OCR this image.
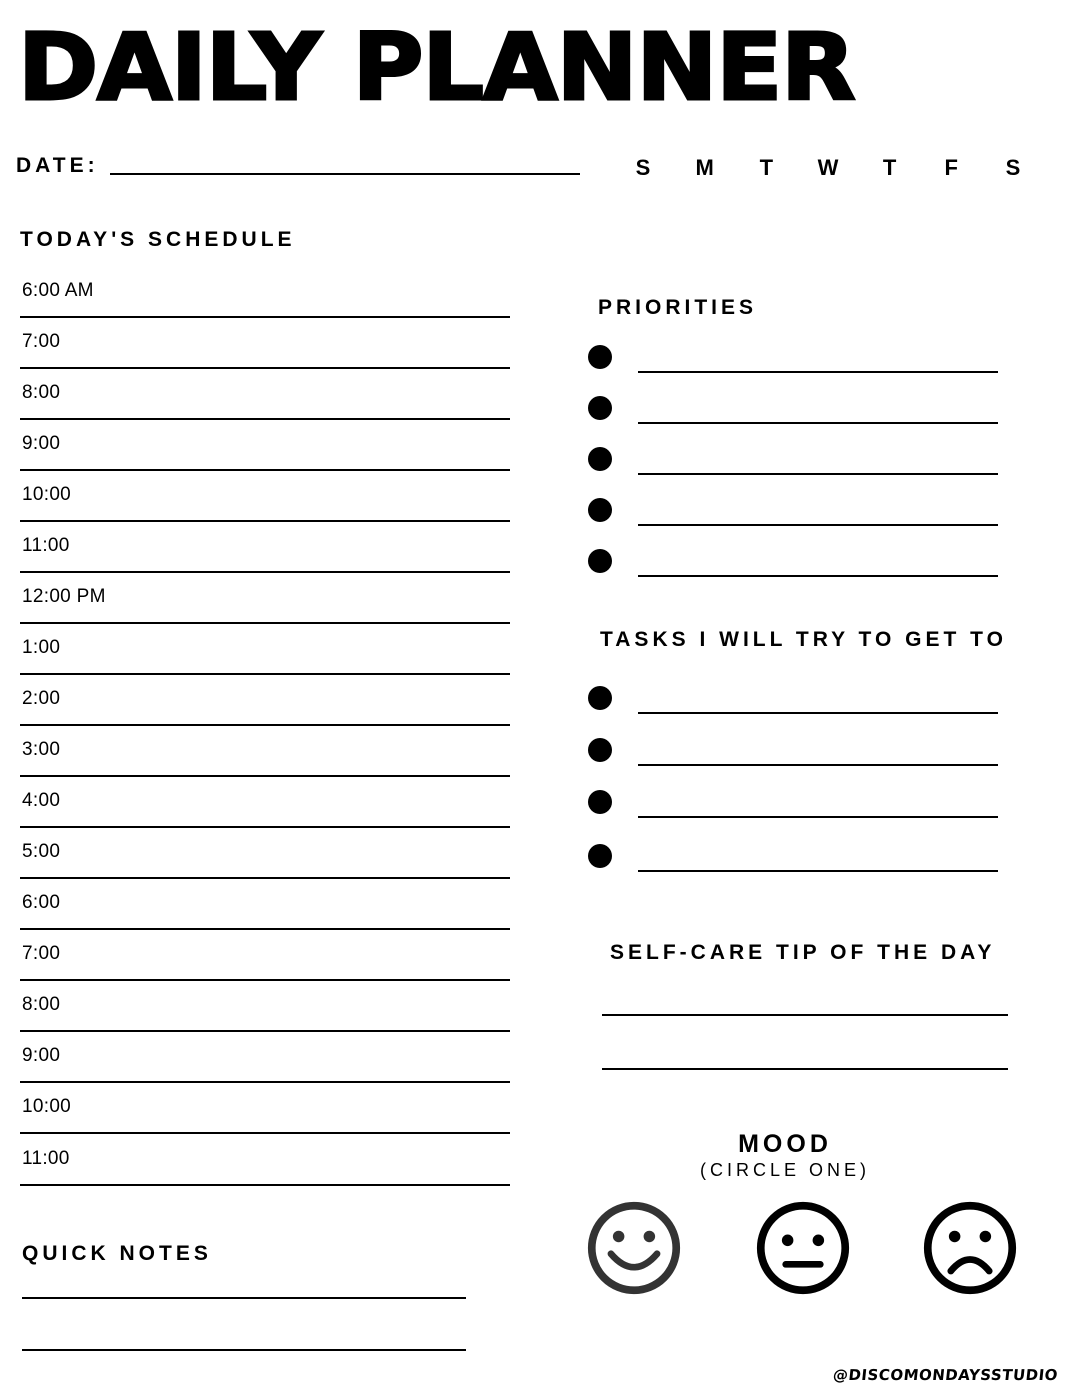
DAILY PLANNER
DATE:	S	M	T	W	T	F	S
TODAY'S SCHEDULE
6:00 AM
7:00
8:00
9:00
10:00
11:00
12:00 PM
1:00
2:00
3:00
4:00
5:00
6:00
7:00
8:00
9:00
10:00
11:00
PRIORITIES
TASKS I WILL TRY TO GET TO
SELF-CARE TIP OF THE DAY
MOOD
(CIRCLE ONE)
QUICK NOTES
@DISCOMONDAYSSTUDIO
